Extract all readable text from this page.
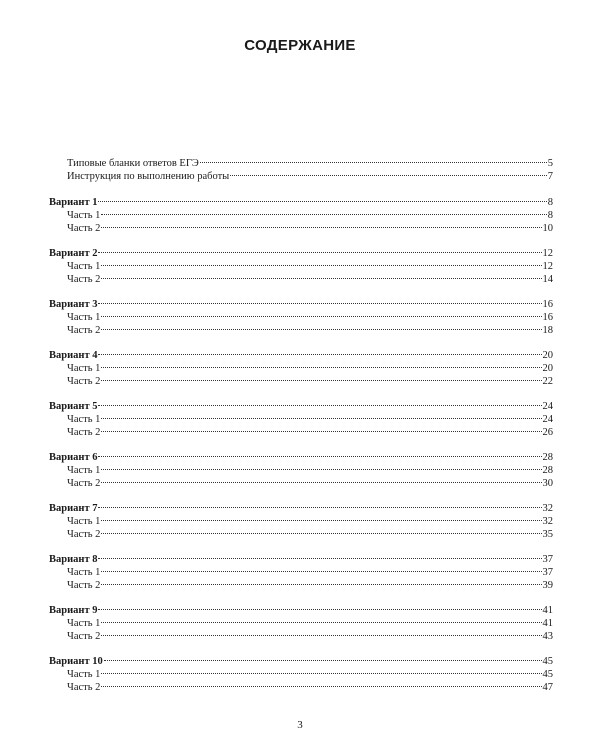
СОДЕРЖАНИЕ
Типовые бланки ответов ЕГЭ	5
Инструкция по выполнению работы	7
Вариант 1	8
Часть 1	8
Часть 2	10
Вариант 2	12
Часть 1	12
Часть 2	14
Вариант 3	16
Часть 1	16
Часть 2	18
Вариант 4	20
Часть 1	20
Часть 2	22
Вариант 5	24
Часть 1	24
Часть 2	26
Вариант 6	28
Часть 1	28
Часть 2	30
Вариант 7	32
Часть 1	32
Часть 2	35
Вариант 8	37
Часть 1	37
Часть 2	39
Вариант 9	41
Часть 1	41
Часть 2	43
Вариант 10	45
Часть 1	45
Часть 2	47
3
